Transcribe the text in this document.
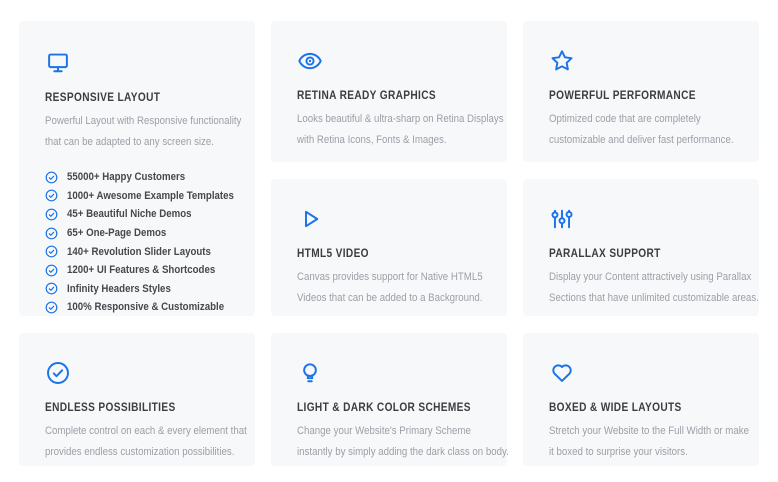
RESPONSIVE LAYOUT

Powerful Layout with Responsive functionality
that can be adapted to any screen size.

55000+ Happy Customers
1000+ Awesome Example Templates
45+ Beautiful Niche Demos
65+ One-Page Demos
140+ Revolution Slider Layouts
1200+ UI Features & Shortcodes
Infinity Headers Styles
100% Responsive & Customizable
RETINA READY GRAPHICS

Looks beautiful & ultra-sharp on Retina Displays
with Retina Icons, Fonts & Images.

POWERFUL PERFORMANCE

Optimized code that are completely
customizable and deliver fast performance.

HTML5 VIDEO

Canvas provides support for Native HTML5
Videos that can be added to a Background.

PARALLAX SUPPORT

Display your Content attractively using Parallax
Sections that have unlimited customizable areas.

ENDLESS POSSIBILITIES

Complete control on each & every element that
provides endless customization possibilities.

LIGHT & DARK COLOR SCHEMES

Change your Website's Primary Scheme
instantly by simply adding the dark class on body.

BOXED & WIDE LAYOUTS

Stretch your Website to the Full Width or make
it boxed to surprise your visitors.
